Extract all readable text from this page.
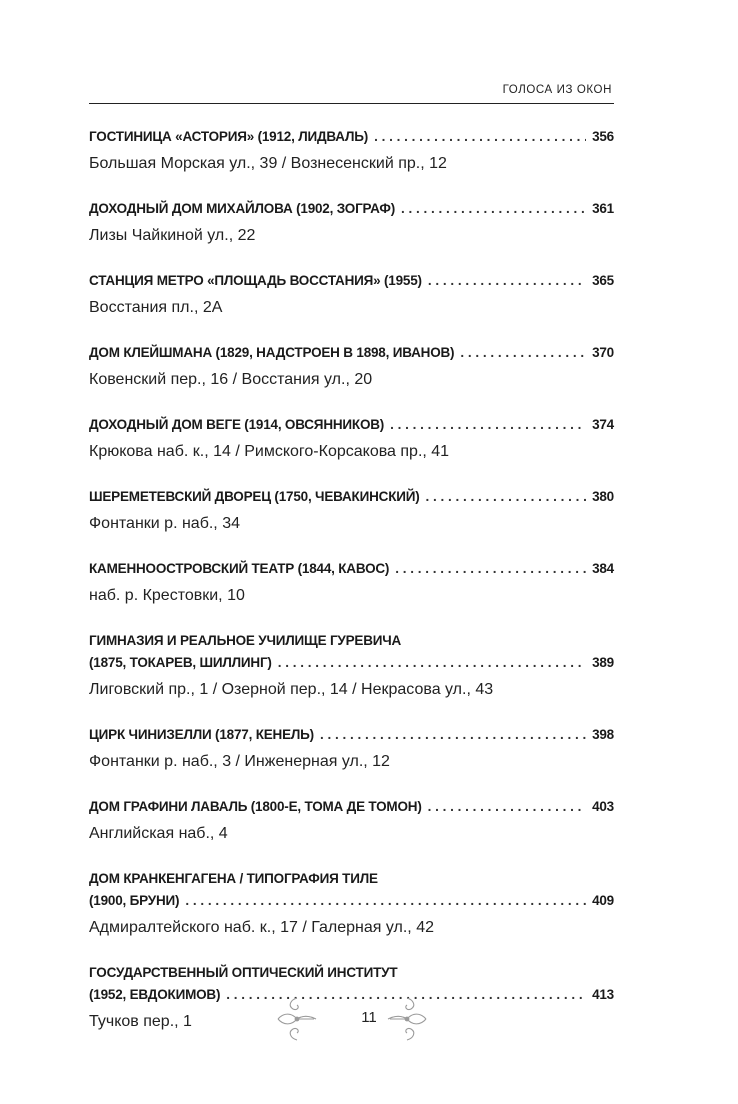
ГОЛОСА ИЗ ОКОН
ГОСТИНИЦА «АСТОРИЯ» (1912, ЛИДВАЛЬ) . . .	356
Большая Морская ул., 39 / Вознесенский пр., 12
ДОХОДНЫЙ ДОМ МИХАЙЛОВА (1902, ЗОГРАФ) . . .	361
Лизы Чайкиной ул., 22
СТАНЦИЯ МЕТРО «ПЛОЩАДЬ ВОССТАНИЯ» (1955) . . .	365
Восстания пл., 2А
ДОМ КЛЕЙШМАНА (1829, НАДСТРОЕН В 1898, ИВАНОВ) . . .	370
Ковенский пер., 16 / Восстания ул., 20
ДОХОДНЫЙ ДОМ ВЕГЕ (1914, ОВСЯННИКОВ) . . .	374
Крюкова наб. к., 14 / Римского-Корсакова пр., 41
ШЕРЕМЕТЕВСКИЙ ДВОРЕЦ (1750, ЧЕВАКИНСКИЙ) . . .	380
Фонтанки р. наб., 34
КАМЕННООСТРОВСКИЙ ТЕАТР (1844, КАВОС) . . .	384
наб. р. Крестовки, 10
ГИМНАЗИЯ И РЕАЛЬНОЕ УЧИЛИЩЕ ГУРЕВИЧА
(1875, ТОКАРЕВ, ШИЛЛИНГ) . . .	389
Лиговский пр., 1 / Озерной пер., 14 / Некрасова ул., 43
ЦИРК ЧИНИЗЕЛЛИ (1877, КЕНЕЛЬ) . . .	398
Фонтанки р. наб., 3 / Инженерная ул., 12
ДОМ ГРАФИНИ ЛАВАЛЬ (1800-Е, ТОМА ДЕ ТОМОН) . . .	403
Английская наб., 4
ДОМ КРАНКЕНГАГЕНА / ТИПОГРАФИЯ ТИЛЕ
(1900, БРУНИ) . . .	409
Адмиралтейского наб. к., 17 / Галерная ул., 42
ГОСУДАРСТВЕННЫЙ ОПТИЧЕСКИЙ ИНСТИТУТ
(1952, ЕВДОКИМОВ) . . .	413
Тучков пер., 1	11
